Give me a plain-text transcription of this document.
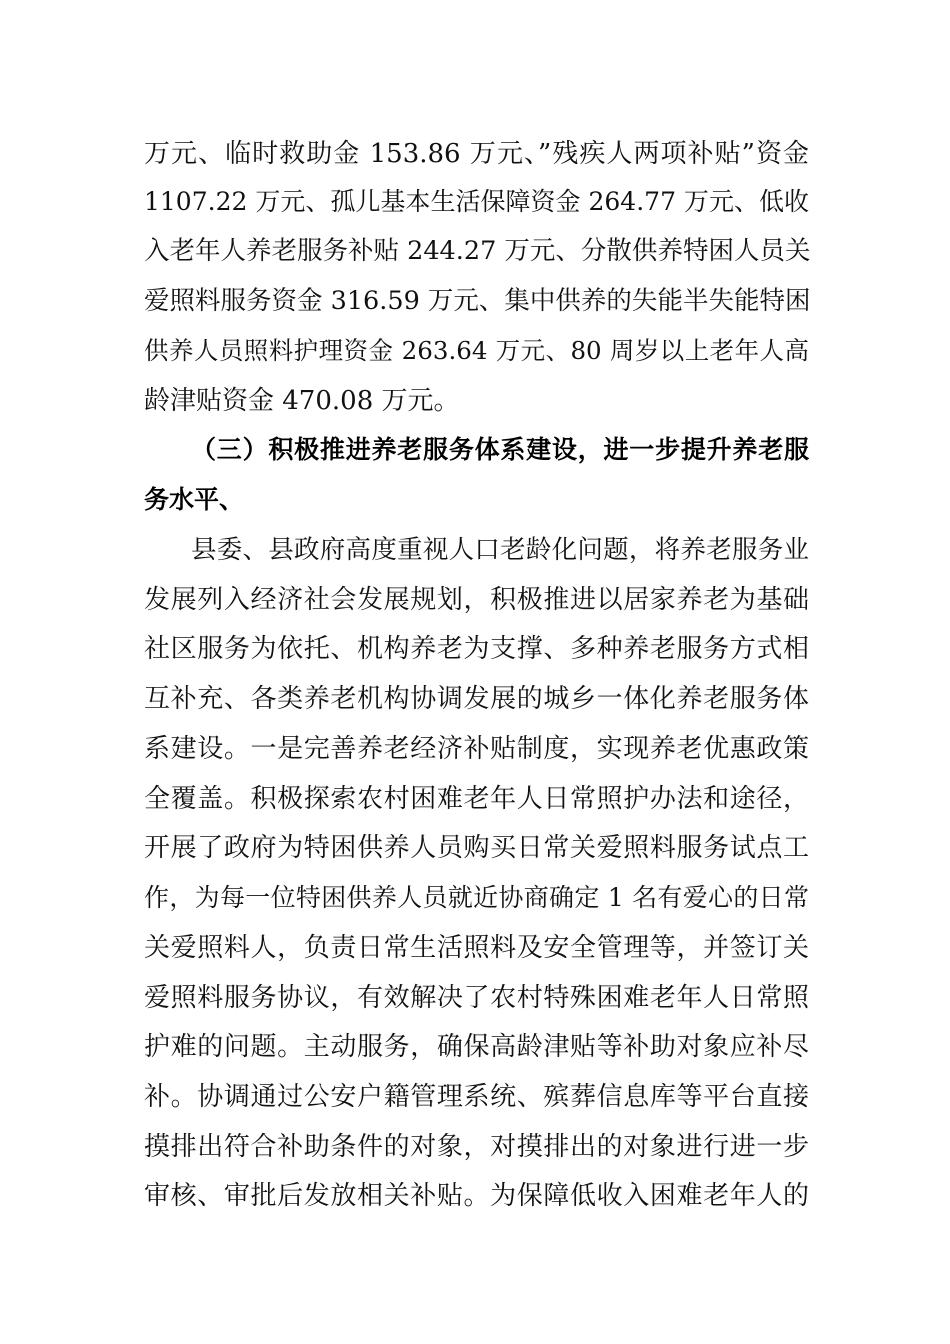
万元、临时救助金 153.86 万元、”残疾人两项补贴”资金
1107.22 万元、孤儿基本生活保障资金 264.77 万元、低收
入老年人养老服务补贴 244.27 万元、分散供养特困人员关
爱照料服务资金 316.59 万元、集中供养的失能半失能特困
供养人员照料护理资金 263.64 万元、80 周岁以上老年人高
龄津贴资金 470.08 万元。
（三）积极推进养老服务体系建设，进一步提升养老服
务水平、
县委、县政府高度重视人口老龄化问题，将养老服务业
发展列入经济社会发展规划，积极推进以居家养老为基础
社区服务为依托、机构养老为支撑、多种养老服务方式相
互补充、各类养老机构协调发展的城乡一体化养老服务体
系建设。一是完善养老经济补贴制度，实现养老优惠政策
全覆盖。积极探索农村困难老年人日常照护办法和途径，
开展了政府为特困供养人员购买日常关爱照料服务试点工
作，为每一位特困供养人员就近协商确定 1 名有爱心的日常
关爱照料人，负责日常生活照料及安全管理等，并签订关
爱照料服务协议，有效解决了农村特殊困难老年人日常照
护难的问题。主动服务，确保高龄津贴等补助对象应补尽
补。协调通过公安户籍管理系统、殡葬信息库等平台直接
摸排出符合补助条件的对象，对摸排出的对象进行进一步
审核、审批后发放相关补贴。为保障低收入困难老年人的
